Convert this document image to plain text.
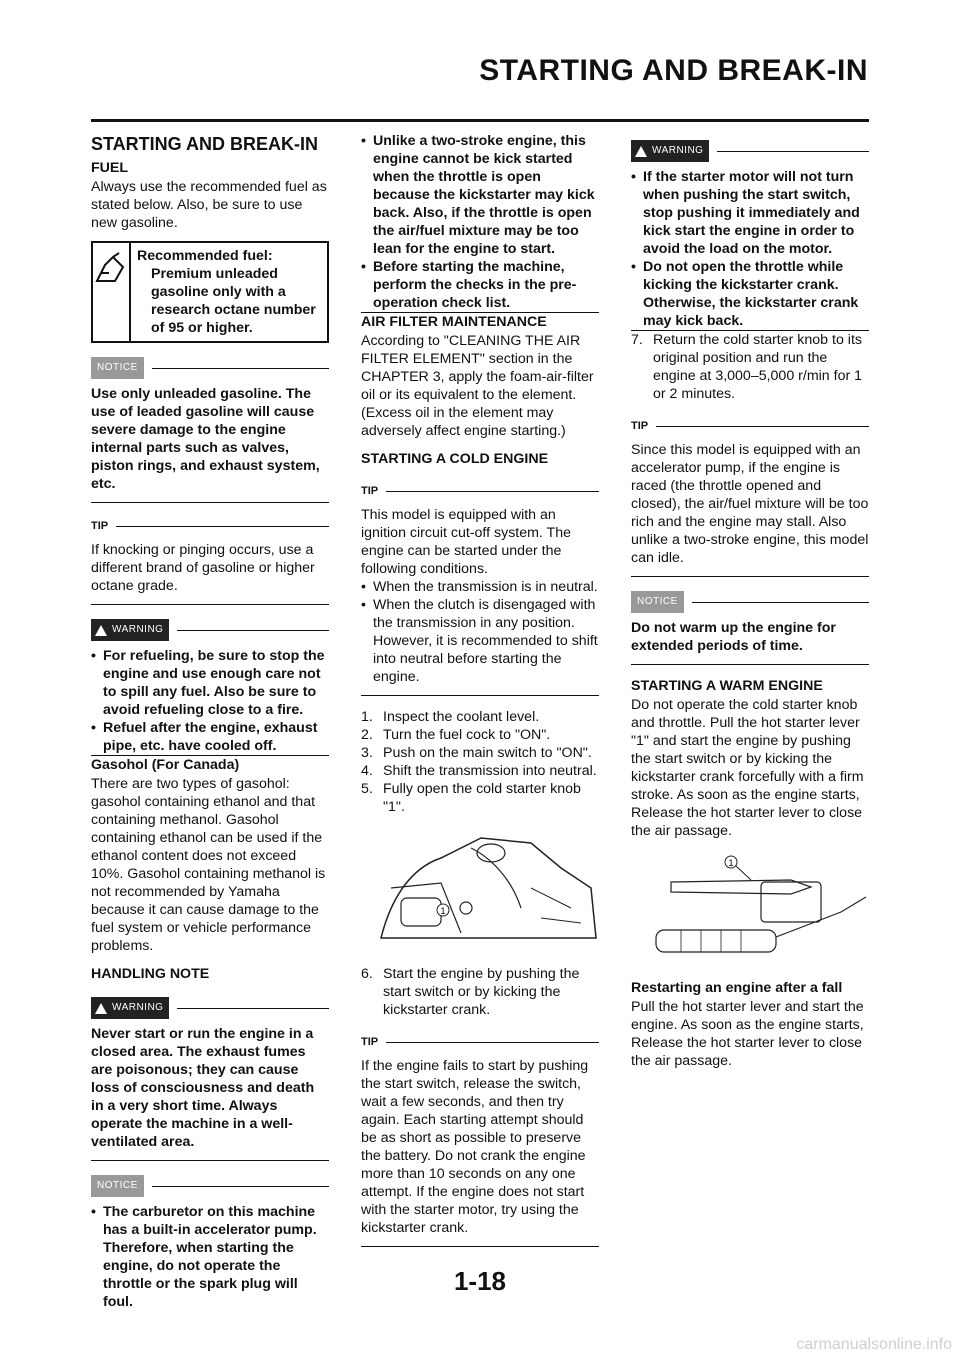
STARTING AND BREAK-IN
STARTING AND BREAK-IN
FUEL

Always use the recommended fuel as stated below. Also, be sure to use new gasoline.

Recommended fuel:
Premium unleaded gasoline only with a research octane number of 95 or higher.
NOTICE

Use only unleaded gasoline. The use of leaded gasoline will cause severe damage to the engine internal parts such as valves, piston rings, and exhaust system, etc.

TIP

If knocking or pinging occurs, use a different brand of gasoline or higher octane grade.

WARNING
• For refueling, be sure to stop the engine and use enough care not to spill any fuel. Also be sure to avoid refueling close to a fire.
• Refuel after the engine, exhaust pipe, etc. have cooled off.
Gasohol (For Canada)

There are two types of gasohol: gasohol containing ethanol and that containing methanol. Gasohol containing ethanol can be used if the ethanol content does not exceed 10%. Gasohol containing methanol is not recommended by Yamaha because it can cause damage to the fuel system or vehicle performance problems.

HANDLING NOTE
WARNING

Never start or run the engine in a closed area. The exhaust fumes are poisonous; they can cause loss of consciousness and death in a very short time. Always operate the machine in a well-ventilated area.

NOTICE
• The carburetor on this machine has a built-in accelerator pump. Therefore, when starting the engine, do not operate the throttle or the spark plug will foul.
• Unlike a two-stroke engine, this engine cannot be kick started when the throttle is open because the kickstarter may kick back. Also, if the throttle is open the air/fuel mixture may be too lean for the engine to start.
• Before starting the machine, perform the checks in the pre-operation check list.
AIR FILTER MAINTENANCE

According to "CLEANING THE AIR FILTER ELEMENT" section in the CHAPTER 3, apply the foam-air-filter oil or its equivalent to the element. (Excess oil in the element may adversely affect engine starting.)

STARTING A COLD ENGINE
TIP

This model is equipped with an ignition circuit cut-off system. The engine can be started under the following conditions.

• When the transmission is in neutral.
• When the clutch is disengaged with the transmission in any position. However, it is recommended to shift into neutral before starting the engine.
1. Inspect the coolant level.
2. Turn the fuel cock to "ON".
3. Push on the main switch to "ON".
4. Shift the transmission into neutral.
5. Fully open the cold starter knob "1".
1
6. Start the engine by pushing the start switch or by kicking the kickstarter crank.
TIP

If the engine fails to start by pushing the start switch, release the switch, wait a few seconds, and then try again. Each starting attempt should be as short as possible to preserve the battery. Do not crank the engine more than 10 seconds on any one attempt. If the engine does not start with the starter motor, try using the kickstarter crank.

WARNING
• If the starter motor will not turn when pushing the start switch, stop pushing it immediately and kick start the engine in order to avoid the load on the motor.
• Do not open the throttle while kicking the kickstarter crank. Otherwise, the kickstarter crank may kick back.
7. Return the cold starter knob to its original position and run the engine at 3,000–5,000 r/min for 1 or 2 minutes.
TIP

Since this model is equipped with an accelerator pump, if the engine is raced (the throttle opened and closed), the air/fuel mixture will be too rich and the engine may stall. Also unlike a two-stroke engine, this model can idle.

NOTICE

Do not warm up the engine for extended periods of time.

STARTING A WARM ENGINE

Do not operate the cold starter knob and throttle. Pull the hot starter lever "1" and start the engine by pushing the start switch or by kicking the kickstarter crank forcefully with a firm stroke. As soon as the engine starts, Release the hot starter lever to close the air passage.

1
Restarting an engine after a fall

Pull the hot starter lever and start the engine. As soon as the engine starts, Release the hot starter lever to close the air passage.

1-18
carmanualsonline.info
